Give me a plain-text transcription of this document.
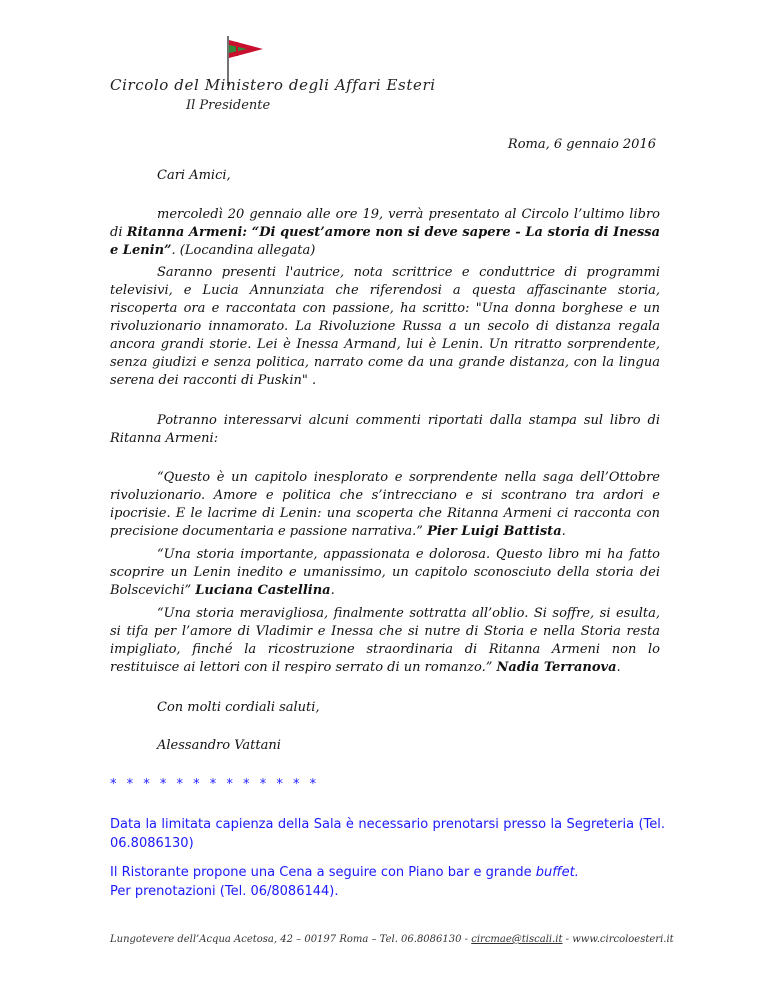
Circolo del Ministero degli Affari Esteri
Il Presidente
Roma, 6 gennaio 2016
Cari Amici,

mercoledì 20 gennaio alle ore 19, verrà presentato al Circolo l’ultimo libro di Ritanna Armeni: “Di quest’amore non si deve sapere - La storia di Inessa e Lenin”. (Locandina allegata)

Saranno presenti l'autrice, nota scrittrice e conduttrice di programmi televisivi, e Lucia Annunziata che riferendosi a questa affascinante storia, riscoperta ora e raccontata con passione, ha scritto: "Una donna borghese e un rivoluzionario innamorato. La Rivoluzione Russa a un secolo di distanza regala ancora grandi storie. Lei è Inessa Armand, lui è Lenin. Un ritratto sorprendente, senza giudizi e senza politica, narrato come da una grande distanza, con la lingua serena dei racconti di Puskin" .

Potranno interessarvi alcuni commenti riportati dalla stampa sul libro di Ritanna Armeni:

“Questo è un capitolo inesplorato e sorprendente nella saga dell’Ottobre rivoluzionario. Amore e politica che s’intrecciano e si scontrano tra ardori e ipocrisie. E le lacrime di Lenin: una scoperta che Ritanna Armeni ci racconta con precisione documentaria e passione narrativa.” Pier Luigi Battista.

“Una storia importante, appassionata e dolorosa. Questo libro mi ha fatto scoprire un Lenin inedito e umanissimo, un capitolo sconosciuto della storia dei Bolscevichi” Luciana Castellina.

“Una storia meravigliosa, finalmente sottratta all’oblio. Si soffre, si esulta, si tifa per l’amore di Vladimir e Inessa che si nutre di Storia e nella Storia resta impigliato, finché la ricostruzione straordinaria di Ritanna Armeni non lo restituisce ai lettori con il respiro serrato di un romanzo.” Nadia Terranova.

Con molti cordiali saluti,
Alessandro Vattani
* * * * * * * * * * * * *
Data la limitata capienza della Sala è necessario prenotarsi presso la Segreteria (Tel. 06.8086130)
Il Ristorante propone una Cena a seguire con Piano bar e grande buffet.
Per prenotazioni (Tel. 06/8086144).
Lungotevere dell’Acqua Acetosa, 42 – 00197 Roma – Tel. 06.8086130 - circmae@tiscali.it - www.circoloesteri.it
